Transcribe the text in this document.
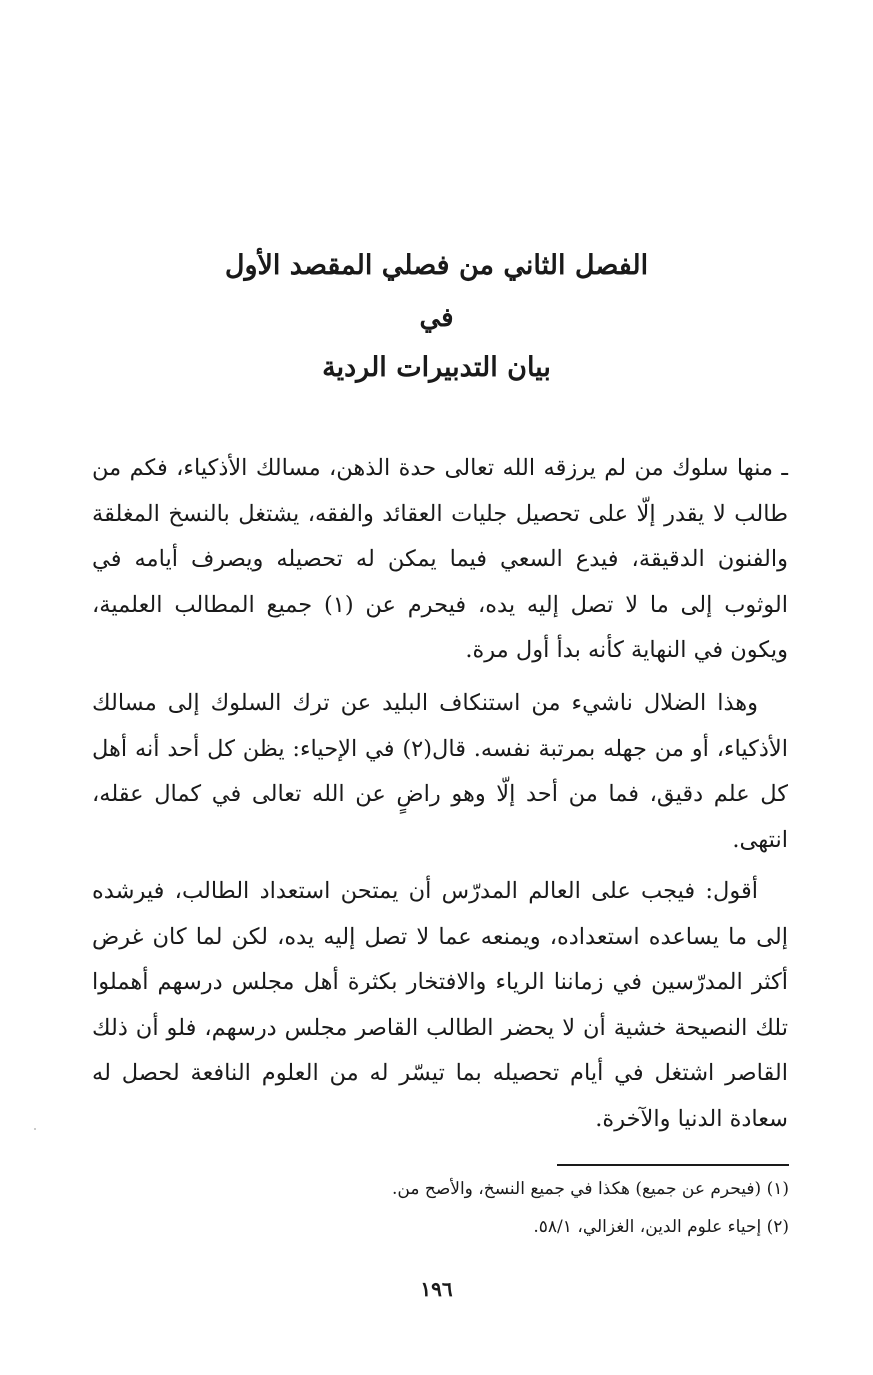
الفصل الثاني من فصلي المقصد الأول
في
بيان التدبيرات الردية

ـ منها سلوك من لم يرزقه الله تعالى حدة الذهن، مسالك الأذكياء، فكم من طالب لا يقدر إلّا على تحصيل جليات العقائد والفقه، يشتغل بالنسخ المغلقة والفنون الدقيقة، فيدع السعي فيما يمكن له تحصيله ويصرف أيامه في الوثوب إلى ما لا تصل إليه يده، فيحرم عن (١) جميع المطالب العلمية، ويكون في النهاية كأنه بدأ أول مرة.

وهذا الضلال ناشيء من استنكاف البليد عن ترك السلوك إلى مسالك الأذكياء، أو من جهله بمرتبة نفسه. قال(٢) في الإحياء: يظن كل أحد أنه أهل كل علم دقيق، فما من أحد إلّا وهو راضٍ عن الله تعالى في كمال عقله، انتهى.

أقول: فيجب على العالم المدرّس أن يمتحن استعداد الطالب، فيرشده إلى ما يساعده استعداده، ويمنعه عما لا تصل إليه يده، لكن لما كان غرض أكثر المدرّسين في زماننا الرياء والافتخار بكثرة أهل مجلس درسهم أهملوا تلك النصيحة خشية أن لا يحضر الطالب القاصر مجلس درسهم، فلو أن ذلك القاصر اشتغل في أيام تحصيله بما تيسّر له من العلوم النافعة لحصل له سعادة الدنيا والآخرة.

(١) (فيحرم عن جميع) هكذا في جميع النسخ، والأصح من.
(٢) إحياء علوم الدين، الغزالي، ٥٨/١.
١٩٦
